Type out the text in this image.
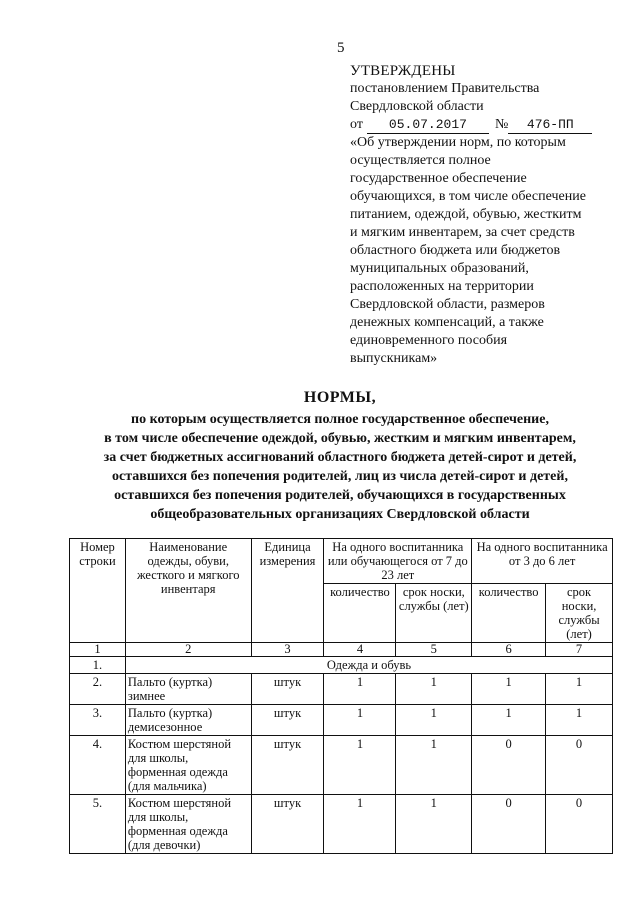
5
УТВЕРЖДЕНЫ
постановлением Правительства
Свердловской области
от	05.07.2017	№	476-ПП
«Об утверждении норм, по которым
осуществляется полное
государственное обеспечение
обучающихся, в том числе обеспечение
питанием, одеждой, обувью, жесткитм
и мягким инвентарем, за счет средств
областного бюджета или бюджетов
муниципальных образований,
расположенных на территории
Свердловской области, размеров
денежных компенсаций, а также
единовременного пособия
выпускникам»
НОРМЫ,
по которым осуществляется полное государственное обеспечение,
в том числе обеспечение одеждой, обувью, жестким и мягким инвентарем,
за счет бюджетных ассигнований областного бюджета детей-сирот и детей,
оставшихся без попечения родителей, лиц из числа детей-сирот и детей,
оставшихся без попечения родителей, обучающихся в государственных
общеобразовательных организациях Свердловской области
Номер строки	Наименование одежды, обуви, жесткого и мягкого инвентаря	Единица измерения	На одного воспитанника или обучающегося от 7 до 23 лет		На одного воспитанника от 3 до 6 лет	
			количество	срок носки, службы (лет)	количество	срок носки, службы (лет)
1	2	3	4	5	6	7
1.	Одежда и обувь					
2.	Пальто (куртка) зимнее	штук	1	1	1	1
3.	Пальто (куртка) демисезонное	штук	1	1	1	1
4.	Костюм шерстяной для школы, форменная одежда (для мальчика)	штук	1	1	0	0
5.	Костюм шерстяной для школы, форменная одежда (для девочки)	штук	1	1	0	0
